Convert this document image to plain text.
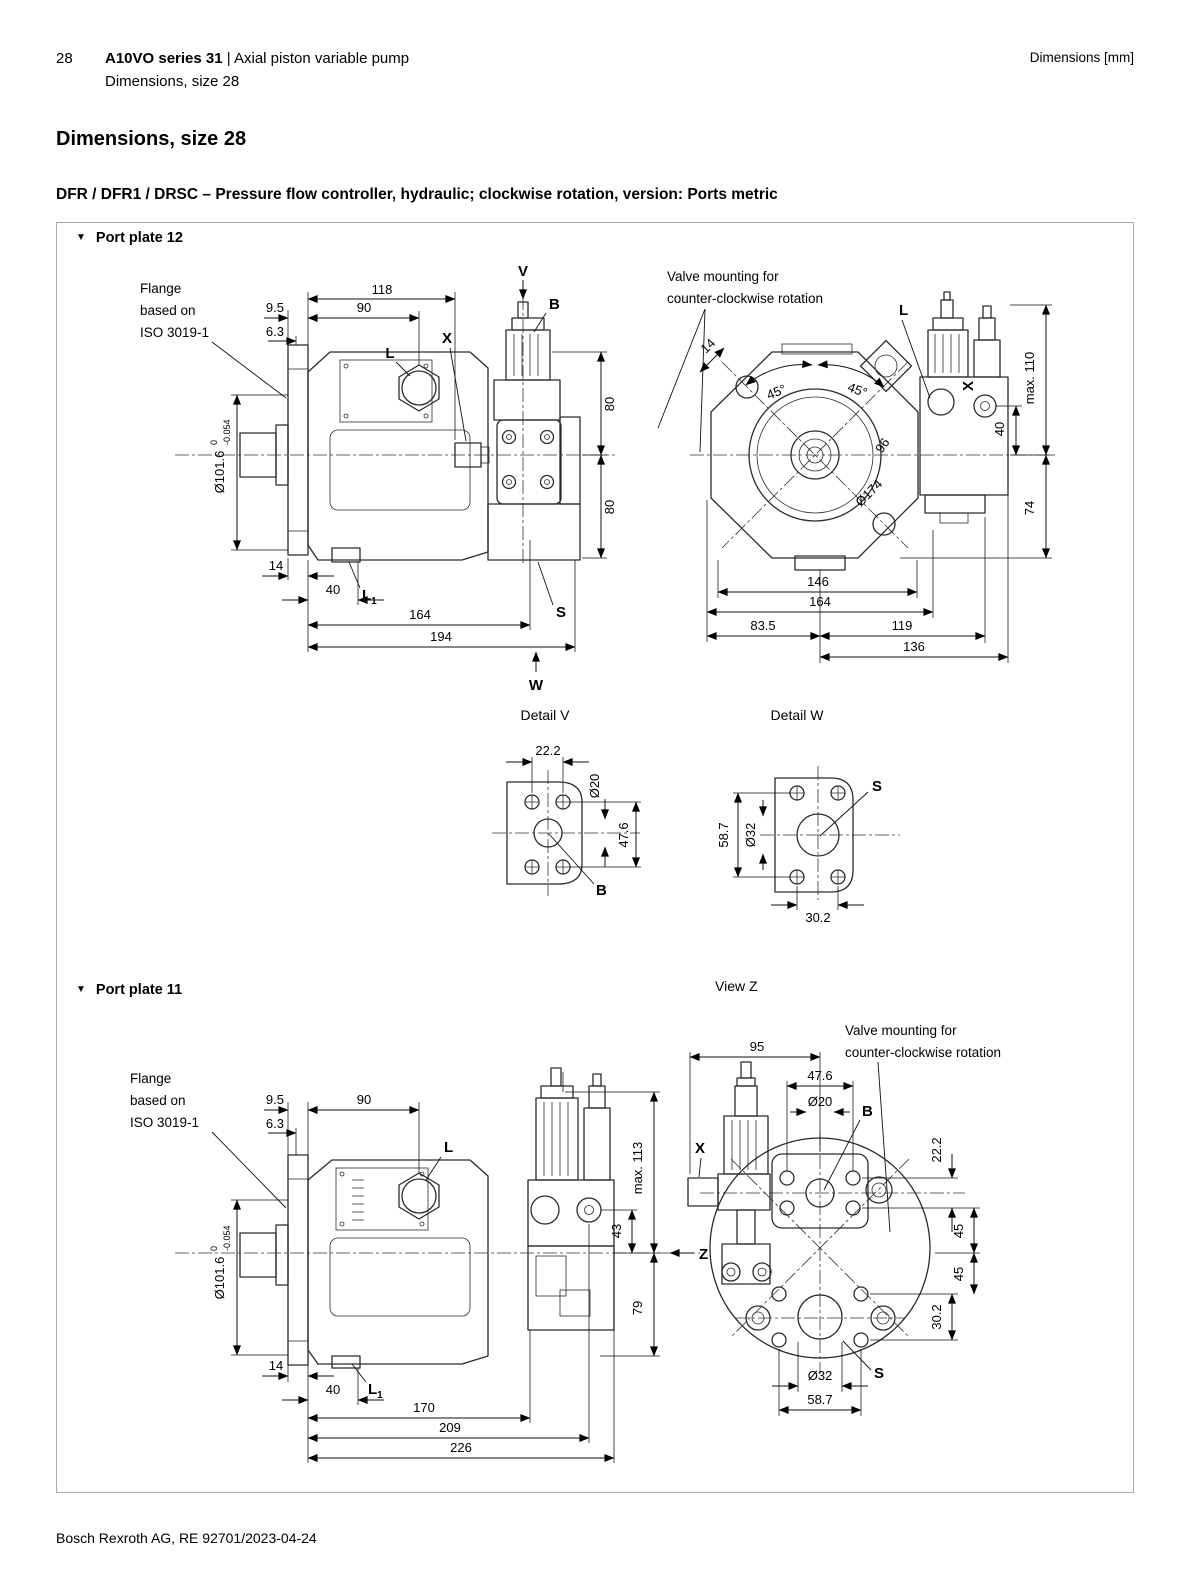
28 A10VO series 31 | Axial piston variable pump
Dimensions, size 28
Dimensions [mm]
Dimensions, size 28
DFR / DFR1 / DRSC – Pressure flow controller, hydraulic; clockwise rotation, version: Ports metric
▼ Port plate 12
▼ Port plate 11
118
90
9.5
6.3
V
B
L
X
80
80
14
40 $L_1$
164
194
S
W
Ø101.6
0 -0.054
Flange
based on
ISO 3019-1
Valve mounting for
counter-clockwise rotation
L
X
14
45°	45°
96
Ø174
max. 110
40
74
146
164
83.5	119
136
Detail V
22.2
Ø20
47.6
B
Detail W
58.7 Ø32
30.2
S
9.5	90
6.3
L	max. 113
43
79
Z
14
40 $L_1$
170
209
226
Ø101.6
0 -0.054
Flange
based on
ISO 3019-1
View Z
Valve mounting for
counter-clockwise rotation
95
47.6
Ø20
B
X	22.2
45
45
30.2
Ø32
58.7
S
Bosch Rexroth AG, RE 92701/2023-04-24
